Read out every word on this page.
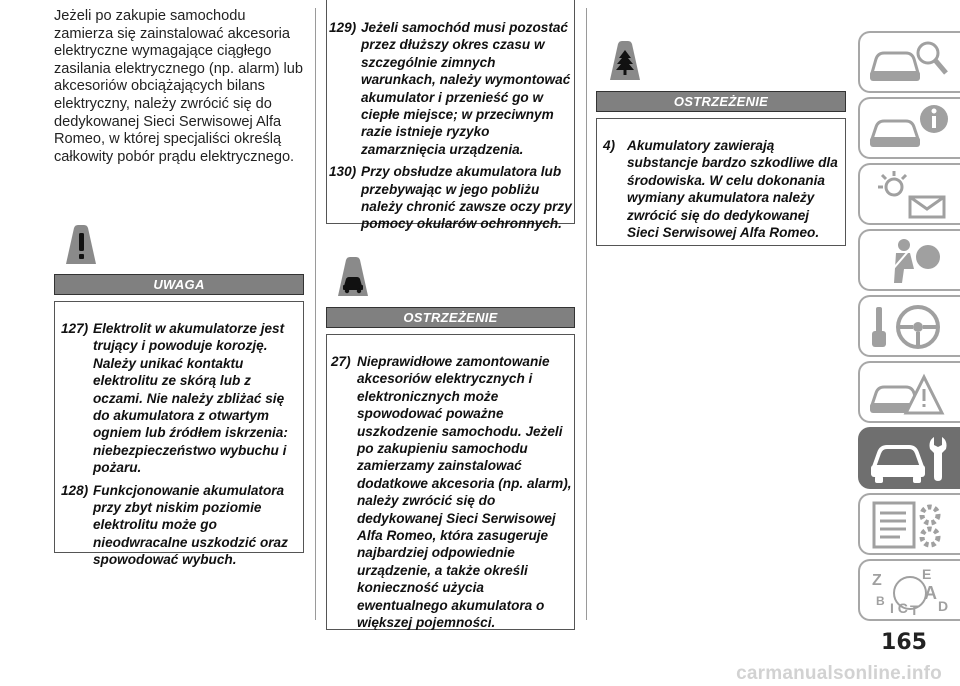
Jeżeli po zakupie samochodu zamierza się zainstalować akcesoria elektryczne wymagające ciągłego zasilania elektrycznego (np. alarm) lub akcesoriów obciążających bilans elektryczny, należy zwrócić się do dedykowanej Sieci Serwisowej Alfa Romeo, w której specjaliści określą całkowity pobór prądu elektrycznego.
UWAGA

127) Elektrolit w akumulatorze jest trujący i powoduje korozję. Należy unikać kontaktu elektrolitu ze skórą lub z oczami. Nie należy zbliżać się do akumulatora z otwartym ogniem lub źródłem iskrzenia: niebezpieczeństwo wybuchu i pożaru.

128) Funkcjonowanie akumulatora przy zbyt niskim poziomie elektrolitu może go nieodwracalne uszkodzić oraz spowodować wybuch.

129) Jeżeli samochód musi pozostać przez dłuższy okres czasu w szczególnie zimnych warunkach, należy wymontować akumulator i przenieść go w ciepłe miejsce; w przeciwnym razie istnieje ryzyko zamarznięcia urządzenia.

130) Przy obsłudze akumulatora lub przebywając w jego pobliżu należy chronić zawsze oczy przy pomocy okularów ochronnych.

OSTRZEŻENIE

27) Nieprawidłowe zamontowanie akcesoriów elektrycznych i elektronicznych może spowodować poważne uszkodzenie samochodu. Jeżeli po zakupieniu samochodu zamierzamy zainstalować dodatkowe akcesoria (np. alarm), należy zwrócić się do dedykowanej Sieci Serwisowej Alfa Romeo, która zasugeruje najbardziej odpowiednie urządzenie, a także określi konieczność użycia ewentualnego akumulatora o większej pojemności.

OSTRZEŻENIE

4) Akumulatory zawierają substancje bardzo szkodliwe dla środowiska. W celu dokonania wymiany akumulatora należy zwrócić się do dedykowanej Sieci Serwisowej Alfa Romeo.

Z
B I C T
E
A
D
165
carmanualsonline.info
